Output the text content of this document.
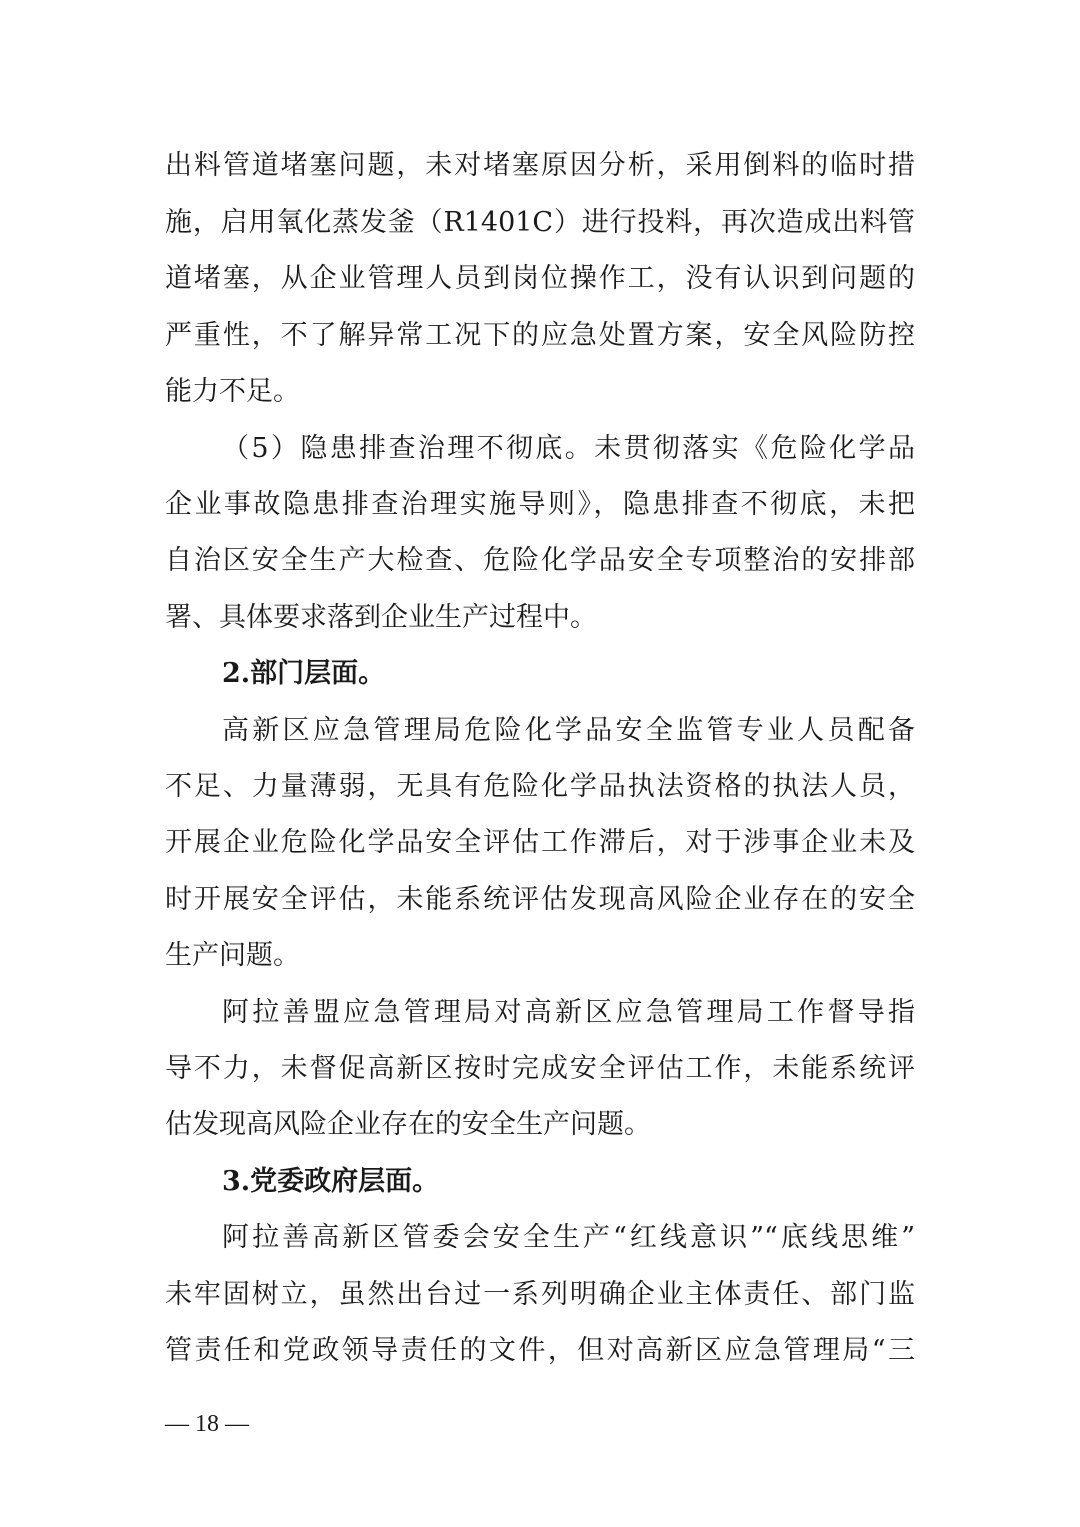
出料管道堵塞问题，未对堵塞原因分析，采用倒料的临时措
施，启用氧化蒸发釜（R1401C）进行投料，再次造成出料管
道堵塞，从企业管理人员到岗位操作工，没有认识到问题的
严重性，不了解异常工况下的应急处置方案，安全风险防控
能力不足。
（5）隐患排查治理不彻底。未贯彻落实《危险化学品
企业事故隐患排查治理实施导则》，隐患排查不彻底，未把
自治区安全生产大检查、危险化学品安全专项整治的安排部
署、具体要求落到企业生产过程中。
2.部门层面。
高新区应急管理局危险化学品安全监管专业人员配备
不足、力量薄弱，无具有危险化学品执法资格的执法人员，
开展企业危险化学品安全评估工作滞后，对于涉事企业未及
时开展安全评估，未能系统评估发现高风险企业存在的安全
生产问题。
阿拉善盟应急管理局对高新区应急管理局工作督导指
导不力，未督促高新区按时完成安全评估工作，未能系统评
估发现高风险企业存在的安全生产问题。
3.党委政府层面。
阿拉善高新区管委会安全生产“红线意识”“底线思维”
未牢固树立，虽然出台过一系列明确企业主体责任、部门监
管责任和党政领导责任的文件，但对高新区应急管理局“三
— 18 —
